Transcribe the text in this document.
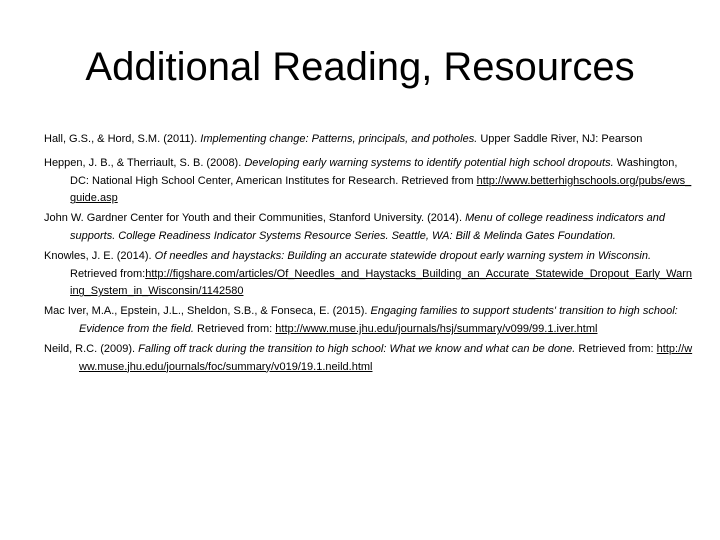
Additional Reading, Resources

Hall, G.S., & Hord, S.M. (2011). Implementing change: Patterns, principals, and potholes. Upper Saddle River, NJ: Pearson

Heppen, J. B., & Therriault, S. B. (2008). Developing early warning systems to identify potential high school dropouts. Washington, DC: National High School Center, American Institutes for Research. Retrieved from http://www.betterhighschools.org/pubs/ews_guide.asp

John W. Gardner Center for Youth and their Communities, Stanford University. (2014). Menu of college readiness indicators and supports. College Readiness Indicator Systems Resource Series. Seattle, WA: Bill & Melinda Gates Foundation.

Knowles, J. E. (2014). Of needles and haystacks: Building an accurate statewide dropout early warning system in Wisconsin. Retrieved from:http://figshare.com/articles/Of_Needles_and_Haystacks_Building_an_Accurate_Statewide_Dropout_Early_Warning_System_in_Wisconsin/1142580

Mac Iver, M.A., Epstein, J.L., Sheldon, S.B., & Fonseca, E. (2015). Engaging families to support students' transition to high school: Evidence from the field. Retrieved from: http://www.muse.jhu.edu/journals/hsj/summary/v099/99.1.iver.html

Neild, R.C. (2009). Falling off track during the transition to high school: What we know and what can be done. Retrieved from: http://www.muse.jhu.edu/journals/foc/summary/v019/19.1.neild.html
